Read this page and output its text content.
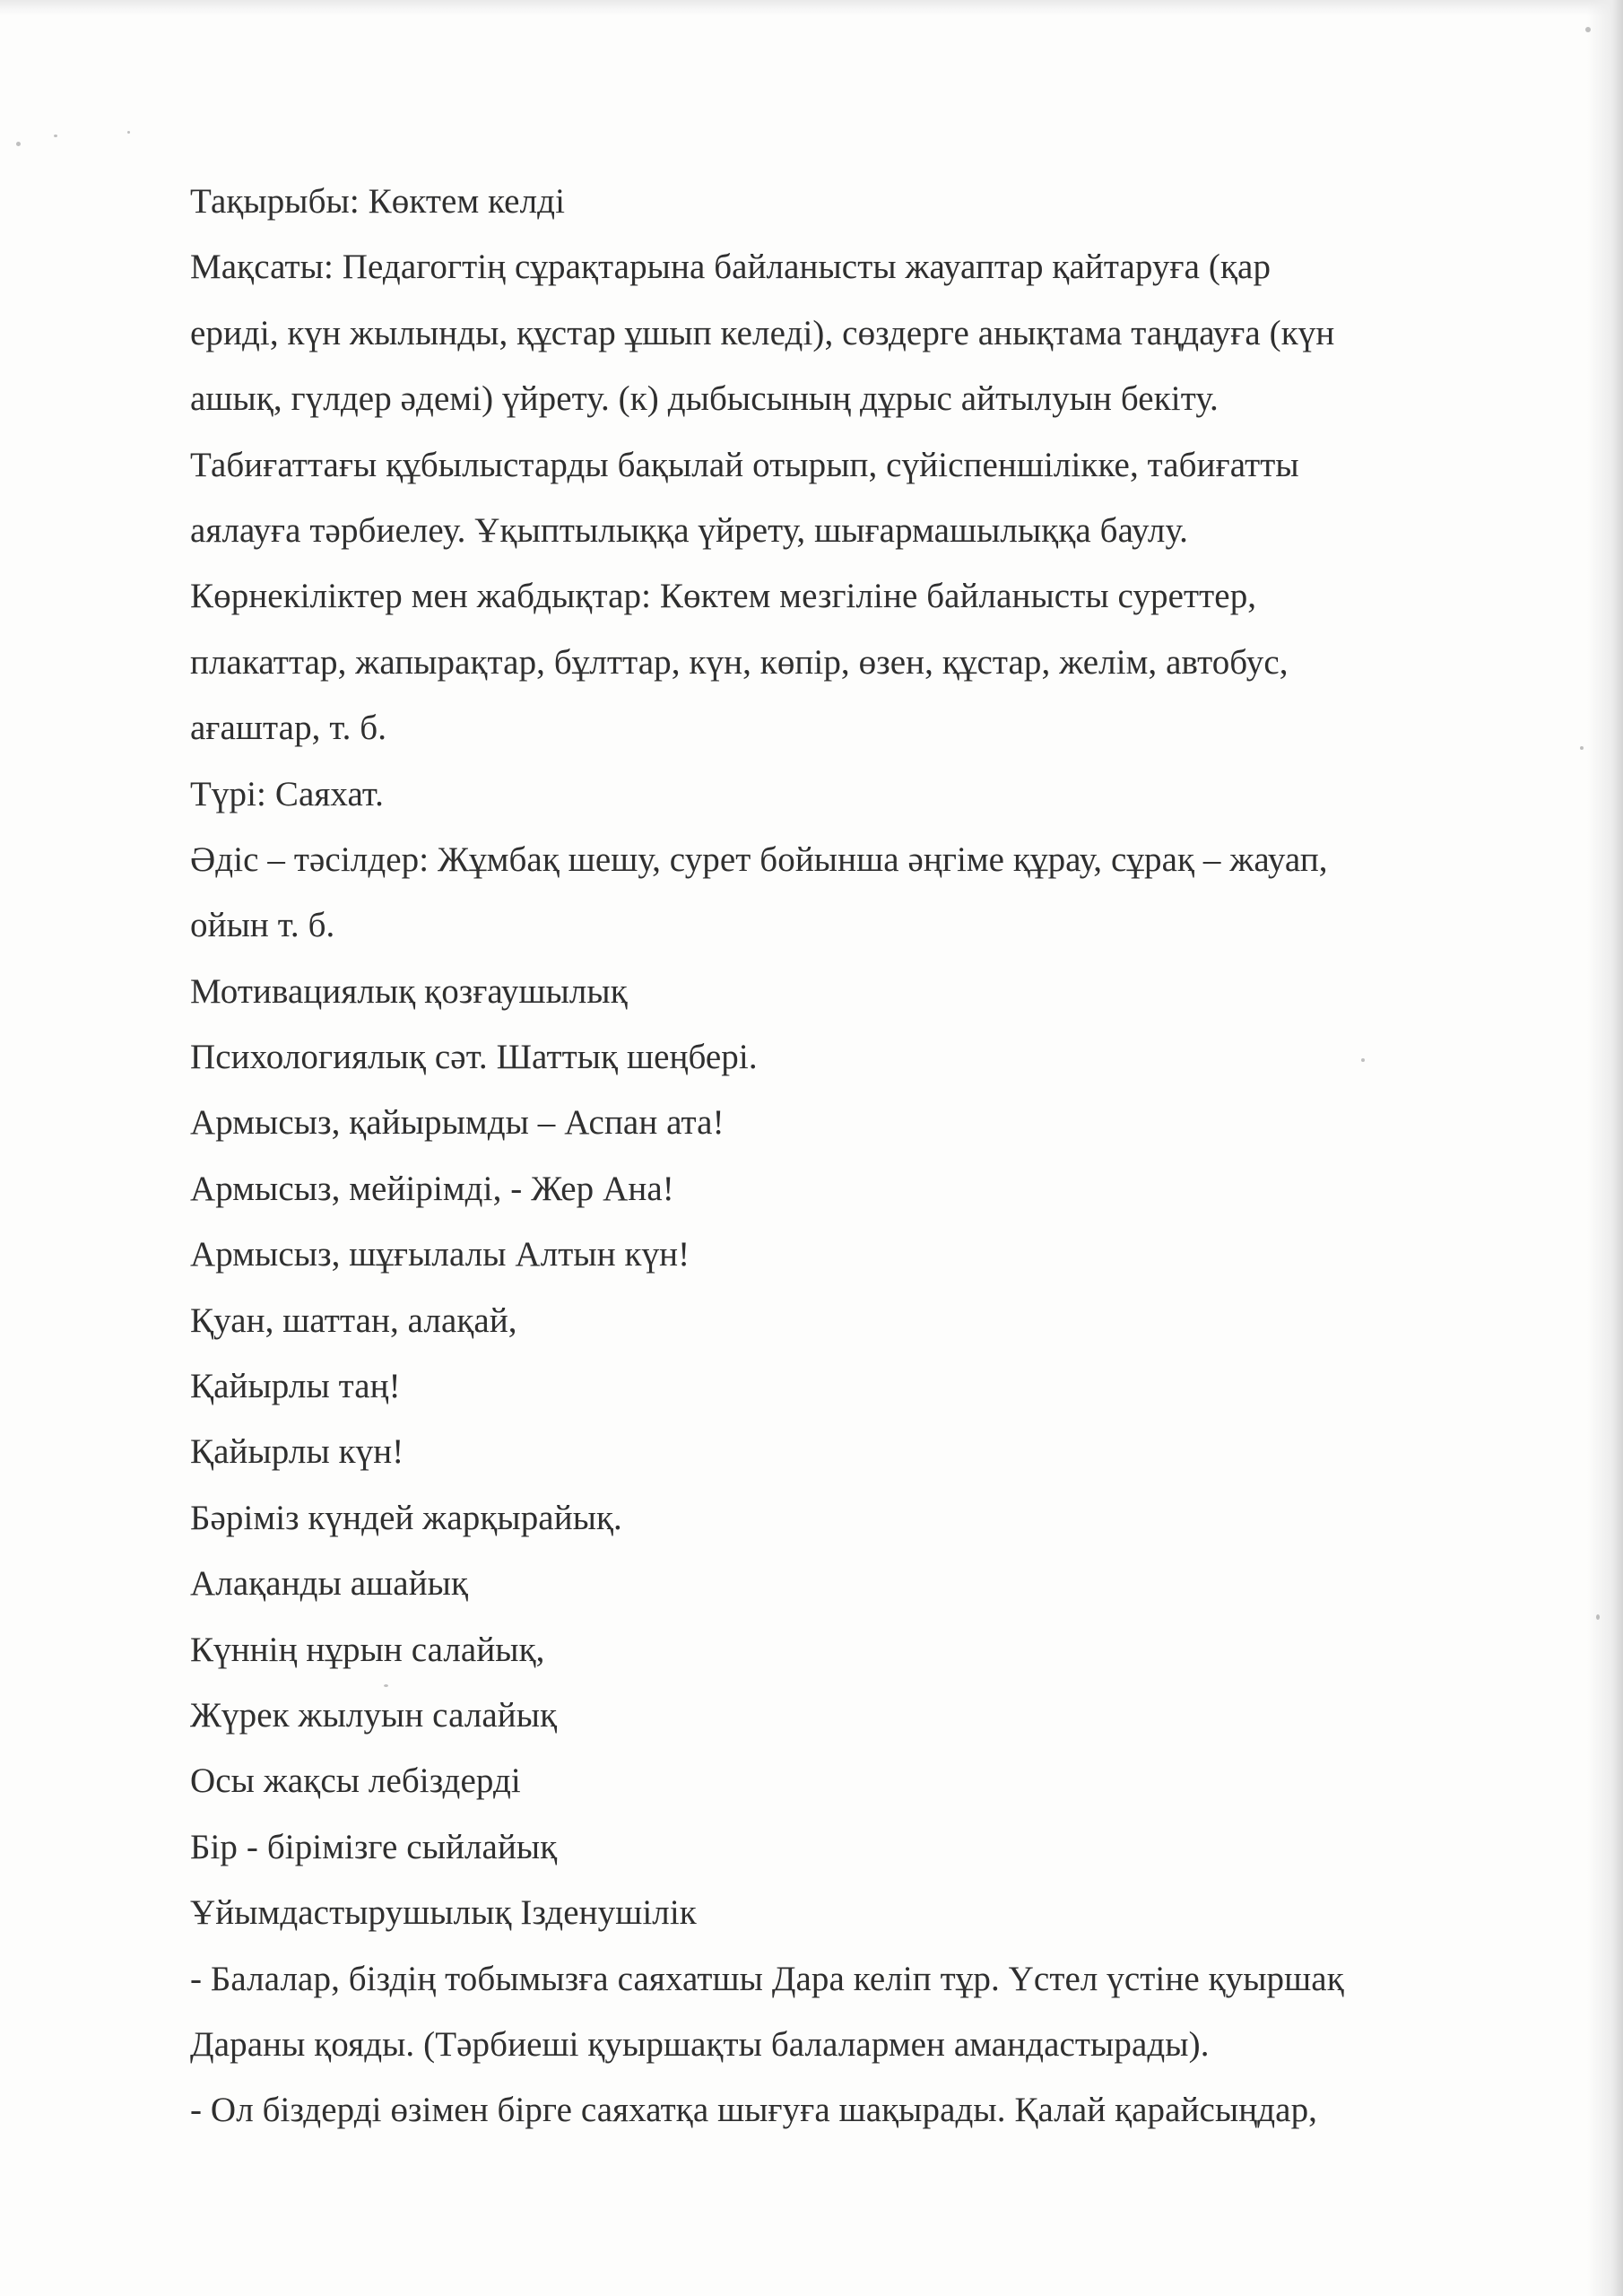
Тақырыбы: Көктем келді

Мақсаты: Педагогтің сұрақтарына байланысты жауаптар қайтаруға (қар

ериді, күн жылынды, құстар ұшып келеді), сөздерге анықтама таңдауға (күн

ашық, гүлдер әдемі) үйрету. (к) дыбысының дұрыс айтылуын бекіту.

Табиғаттағы құбылыстарды бақылай отырып, сүйіспеншілікке, табиғатты

аялауға тәрбиелеу. Ұқыптылыққа үйрету, шығармашылыққа баулу.

Көрнекіліктер мен жабдықтар: Көктем мезгіліне байланысты суреттер,

плакаттар, жапырақтар, бұлттар, күн, көпір, өзен, құстар, желім, автобус,

ағаштар, т. б.

Түрі: Саяхат.

Әдіс – тәсілдер: Жұмбақ шешу, сурет бойынша әңгіме құрау, сұрақ – жауап,

ойын т. б.

Мотивациялық қозғаушылық

Психологиялық сәт. Шаттық шеңбері.

Армысыз, қайырымды – Аспан ата!

Армысыз, мейірімді, - Жер Ана!

Армысыз, шұғылалы Алтын күн!

Қуан, шаттан, алақай,

Қайырлы таң!

Қайырлы күн!

Бәріміз күндей жарқырайық.

Алақанды ашайық

Күннің нұрын салайық,

Жүрек жылуын салайық

Осы жақсы лебіздерді

Бір - бірімізге сыйлайық

Ұйымдастырушылық Ізденушілік

- Балалар, біздің тобымызға саяхатшы Дара келіп тұр. Үстел үстіне қуыршақ

Дараны қояды. (Тәрбиеші қуыршақты балалармен амандастырады).

- Ол біздерді өзімен бірге саяхатқа шығуға шақырады. Қалай қарайсыңдар,
